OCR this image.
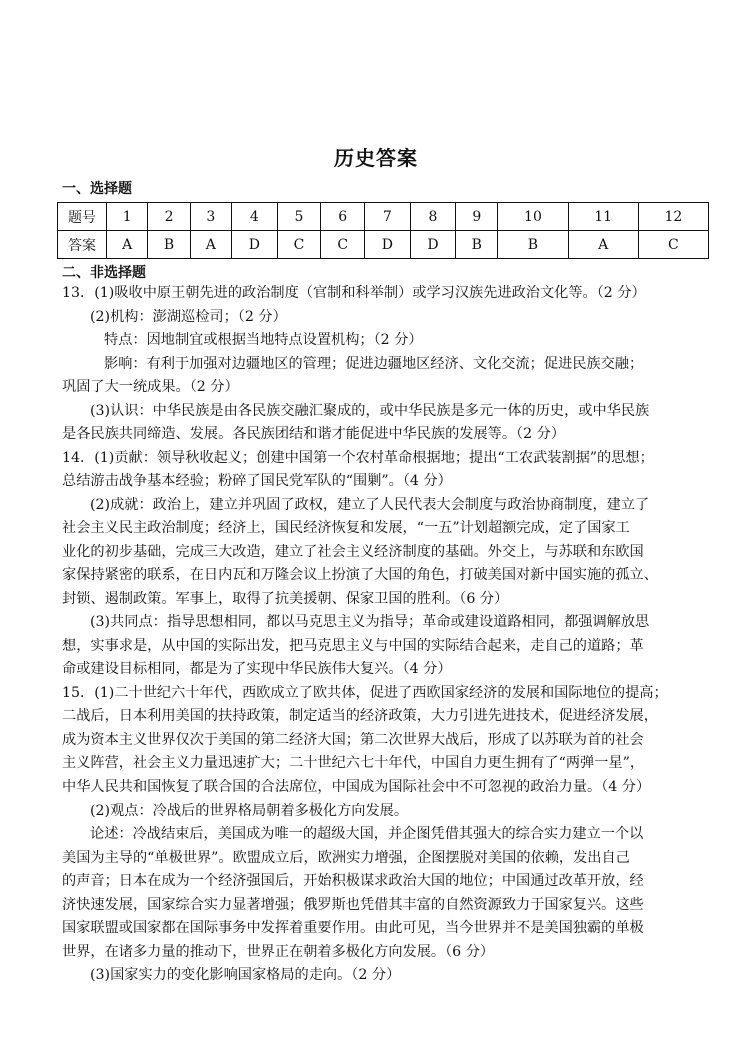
历史答案
一、选择题
题号	1	2	3	4	5	6	7	8	9	10	11	12
答案	A	B	A	D	C	C	D	D	B	B	A	C
二、非选择题
13．(1)吸收中原王朝先进的政治制度（官制和科举制）或学习汉族先进政治文化等。（2 分）
(2)机构：澎湖巡检司；（2 分）
特点：因地制宜或根据当地特点设置机构；（2 分）
影响：有利于加强对边疆地区的管理；促进边疆地区经济、文化交流；促进民族交融；
巩固了大一统成果。（2 分）
(3)认识：中华民族是由各民族交融汇聚成的，或中华民族是多元一体的历史，或中华民族
是各民族共同缔造、发展。各民族团结和谐才能促进中华民族的发展等。（2 分）
14．(1)贡献：领导秋收起义；创建中国第一个农村革命根据地；提出“工农武装割据”的思想；
总结游击战争基本经验；粉碎了国民党军队的“围剿”。（4 分）
(2)成就：政治上，建立并巩固了政权，建立了人民代表大会制度与政治协商制度，建立了
社会主义民主政治制度；经济上，国民经济恢复和发展，“一五”计划超额完成，定了国家工
业化的初步基础，完成三大改造，建立了社会主义经济制度的基础。外交上，与苏联和东欧国
家保持紧密的联系，在日内瓦和万隆会议上扮演了大国的角色，打破美国对新中国实施的孤立、
封锁、遏制政策。军事上，取得了抗美援朝、保家卫国的胜利。（6 分）
(3)共同点：指导思想相同，都以马克思主义为指导；革命或建设道路相同，都强调解放思
想，实事求是，从中国的实际出发，把马克思主义与中国的实际结合起来，走自己的道路；革
命或建设目标相同，都是为了实现中华民族伟大复兴。（4 分）
15．(1)二十世纪六十年代，西欧成立了欧共体，促进了西欧国家经济的发展和国际地位的提高；
二战后，日本利用美国的扶持政策，制定适当的经济政策，大力引进先进技术，促进经济发展，
成为资本主义世界仅次于美国的第二经济大国；第二次世界大战后，形成了以苏联为首的社会
主义阵营，社会主义力量迅速扩大；二十世纪六七十年代，中国自力更生拥有了“两弹一星”，
中华人民共和国恢复了联合国的合法席位，中国成为国际社会中不可忽视的政治力量。（4 分）
(2)观点：冷战后的世界格局朝着多极化方向发展。
论述：冷战结束后，美国成为唯一的超级大国，并企图凭借其强大的综合实力建立一个以
美国为主导的“单极世界”。欧盟成立后，欧洲实力增强，企图摆脱对美国的依赖，发出自己
的声音；日本在成为一个经济强国后，开始积极谋求政治大国的地位；中国通过改革开放，经
济快速发展，国家综合实力显著增强；俄罗斯也凭借其丰富的自然资源致力于国家复兴。这些
国家联盟或国家都在国际事务中发挥着重要作用。由此可见，当今世界并不是美国独霸的单极
世界，在诸多力量的推动下，世界正在朝着多极化方向发展。（6 分）
(3)国家实力的变化影响国家格局的走向。（2 分）
